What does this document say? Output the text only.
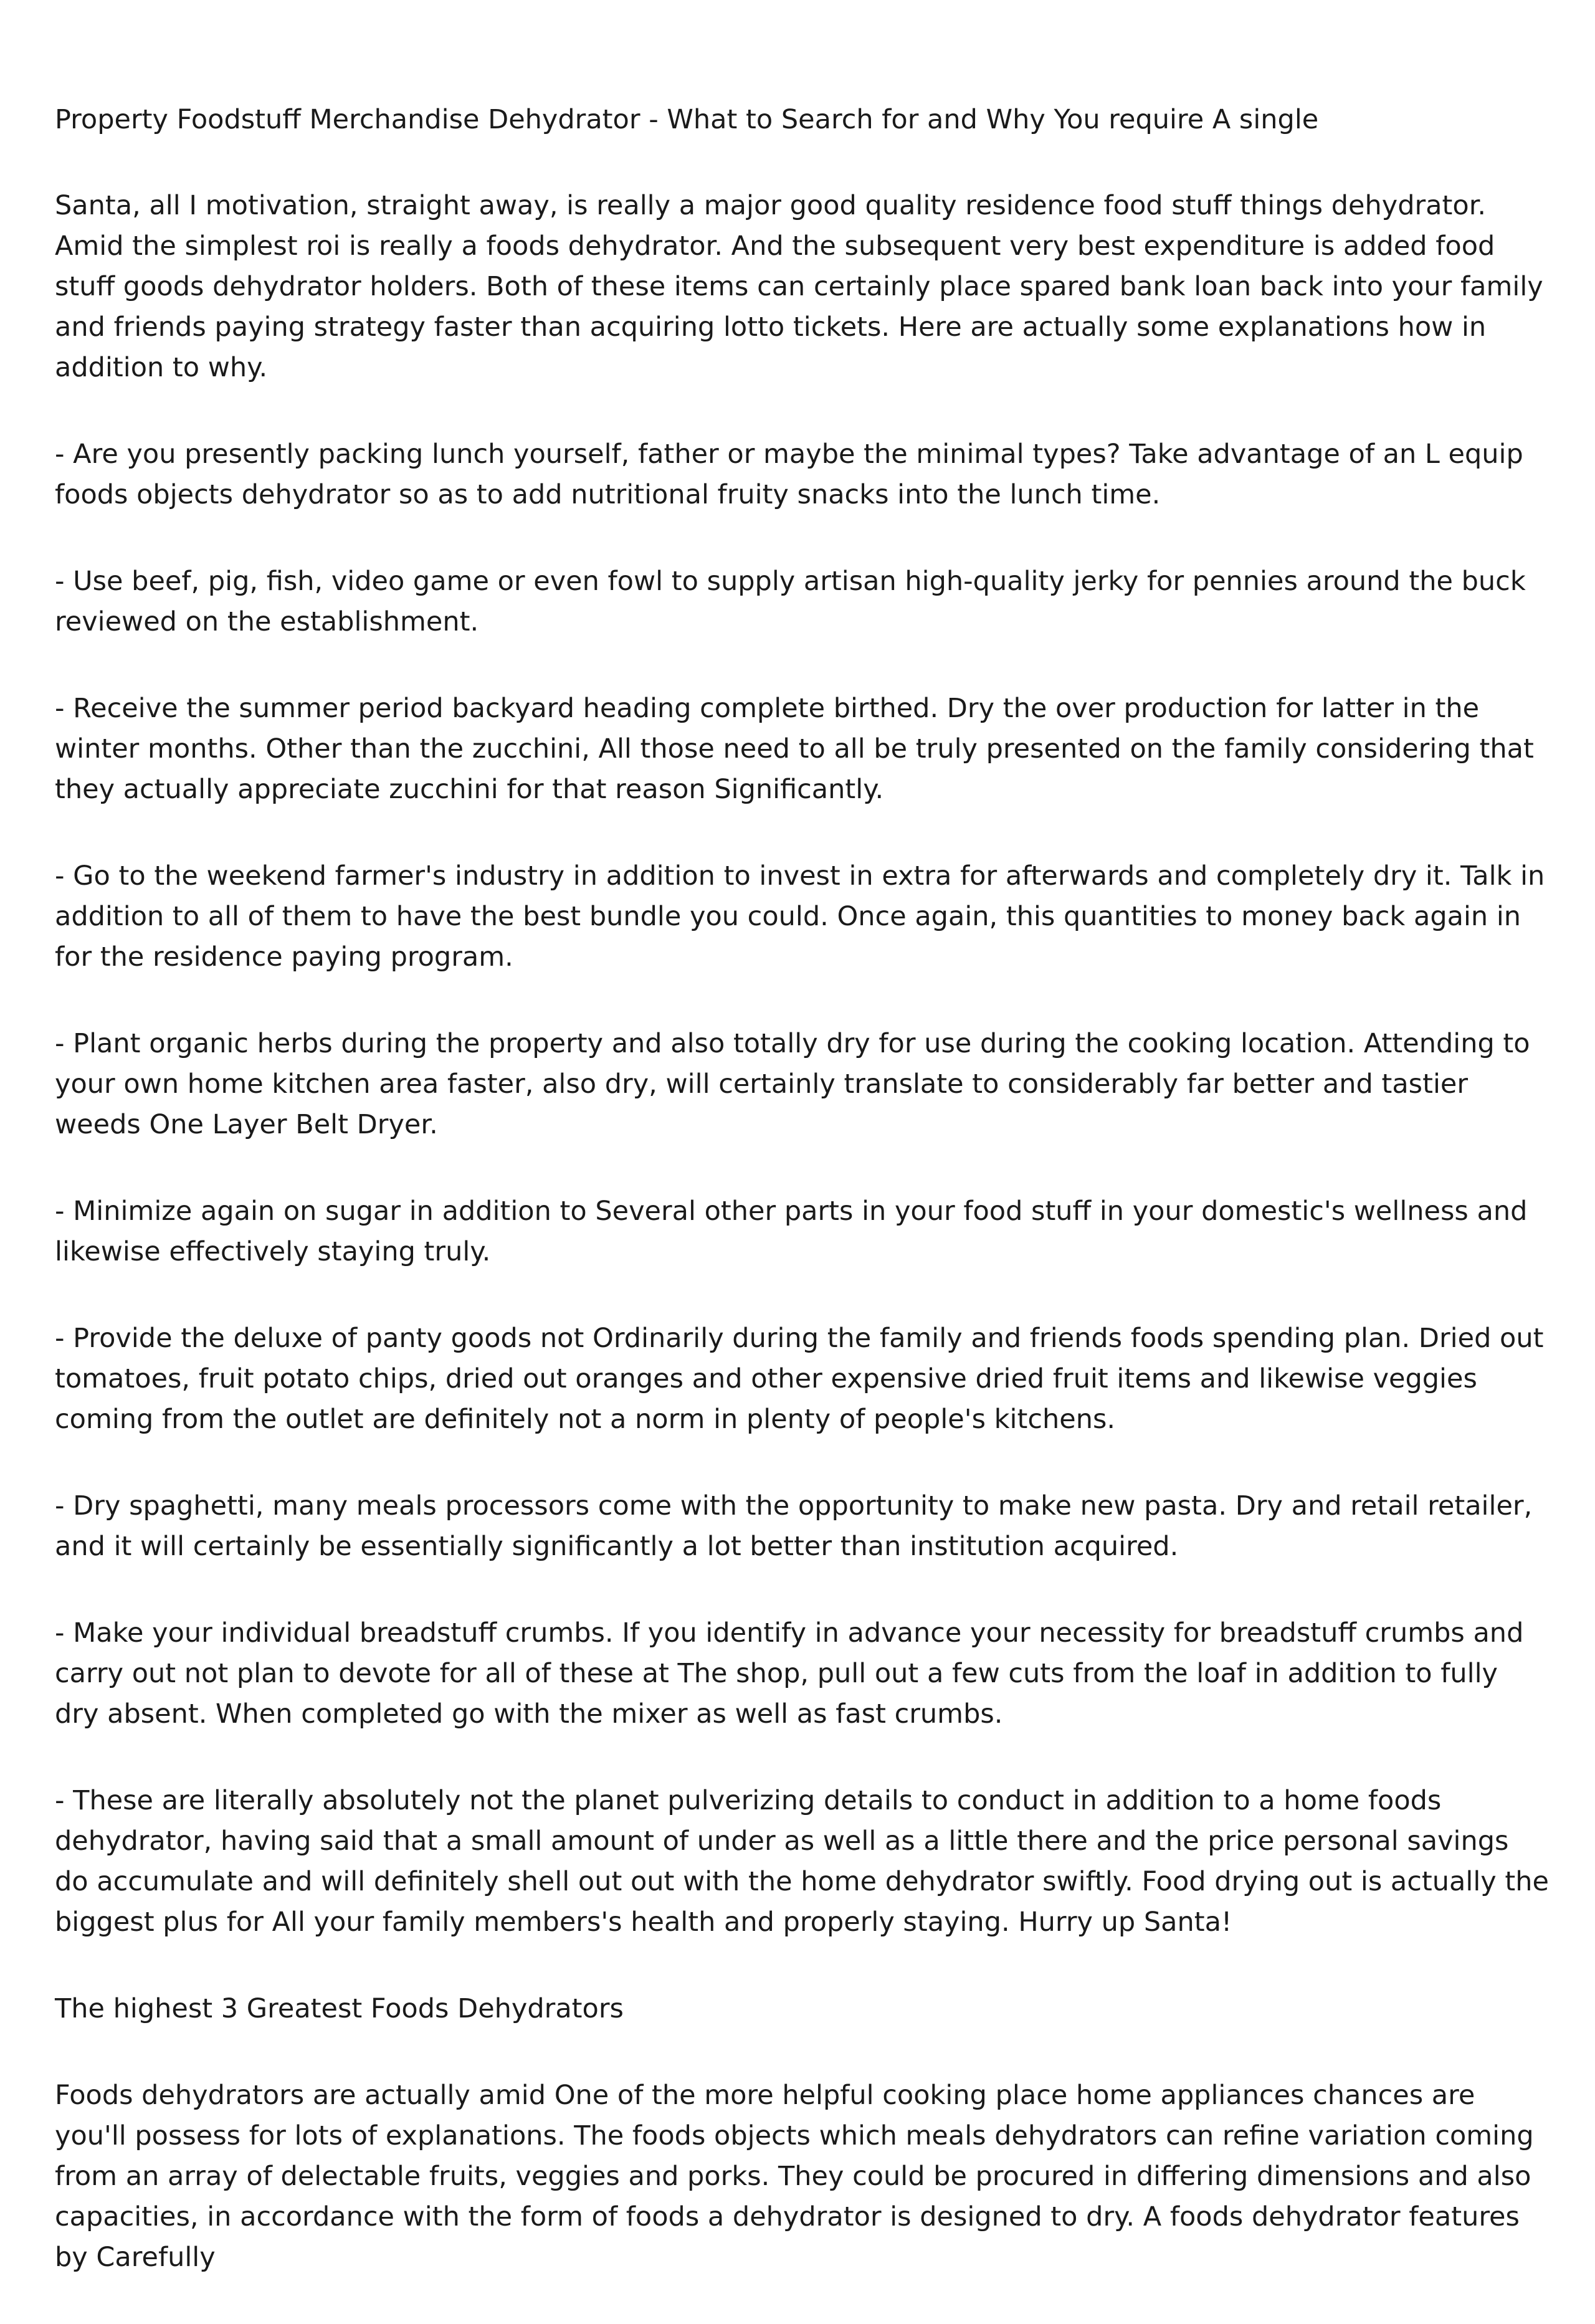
Property Foodstuff Merchandise Dehydrator - What to Search for and Why You require A single

Santa, all I motivation, straight away, is really a major good quality residence food stuff things dehydrator. Amid the simplest roi is really a foods dehydrator. And the subsequent very best expenditure is added food stuff goods dehydrator holders. Both of these items can certainly place spared bank loan back into your family and friends paying strategy faster than acquiring lotto tickets. Here are actually some explanations how in addition to why.

- Are you presently packing lunch yourself, father or maybe the minimal types? Take advantage of an L equip foods objects dehydrator so as to add nutritional fruity snacks into the lunch time.

- Use beef, pig, fish, video game or even fowl to supply artisan high-quality jerky for pennies around the buck reviewed on the establishment.

- Receive the summer period backyard heading complete birthed. Dry the over production for latter in the winter months. Other than the zucchini, All those need to all be truly presented on the family considering that they actually appreciate zucchini for that reason Significantly.

- Go to the weekend farmer's industry in addition to invest in extra for afterwards and completely dry it. Talk in addition to all of them to have the best bundle you could. Once again, this quantities to money back again in for the residence paying program.

- Plant organic herbs during the property and also totally dry for use during the cooking location. Attending to your own home kitchen area faster, also dry, will certainly translate to considerably far better and tastier weeds One Layer Belt Dryer.

- Minimize again on sugar in addition to Several other parts in your food stuff in your domestic's wellness and likewise effectively staying truly.

- Provide the deluxe of panty goods not Ordinarily during the family and friends foods spending plan. Dried out tomatoes, fruit potato chips, dried out oranges and other expensive dried fruit items and likewise veggies coming from the outlet are definitely not a norm in plenty of people's kitchens.

- Dry spaghetti, many meals processors come with the opportunity to make new pasta. Dry and retail retailer, and it will certainly be essentially significantly a lot better than institution acquired.

- Make your individual breadstuff crumbs. If you identify in advance your necessity for breadstuff crumbs and carry out not plan to devote for all of these at The shop, pull out a few cuts from the loaf in addition to fully dry absent. When completed go with the mixer as well as fast crumbs.

- These are literally absolutely not the planet pulverizing details to conduct in addition to a home foods dehydrator, having said that a small amount of under as well as a little there and the price personal savings do accumulate and will definitely shell out out with the home dehydrator swiftly. Food drying out is actually the biggest plus for All your family members's health and properly staying. Hurry up Santa!

The highest 3 Greatest Foods Dehydrators

Foods dehydrators are actually amid One of the more helpful cooking place home appliances chances are you'll possess for lots of explanations. The foods objects which meals dehydrators can refine variation coming from an array of delectable fruits, veggies and porks. They could be procured in differing dimensions and also capacities, in accordance with the form of foods a dehydrator is designed to dry. A foods dehydrator features by Carefully
